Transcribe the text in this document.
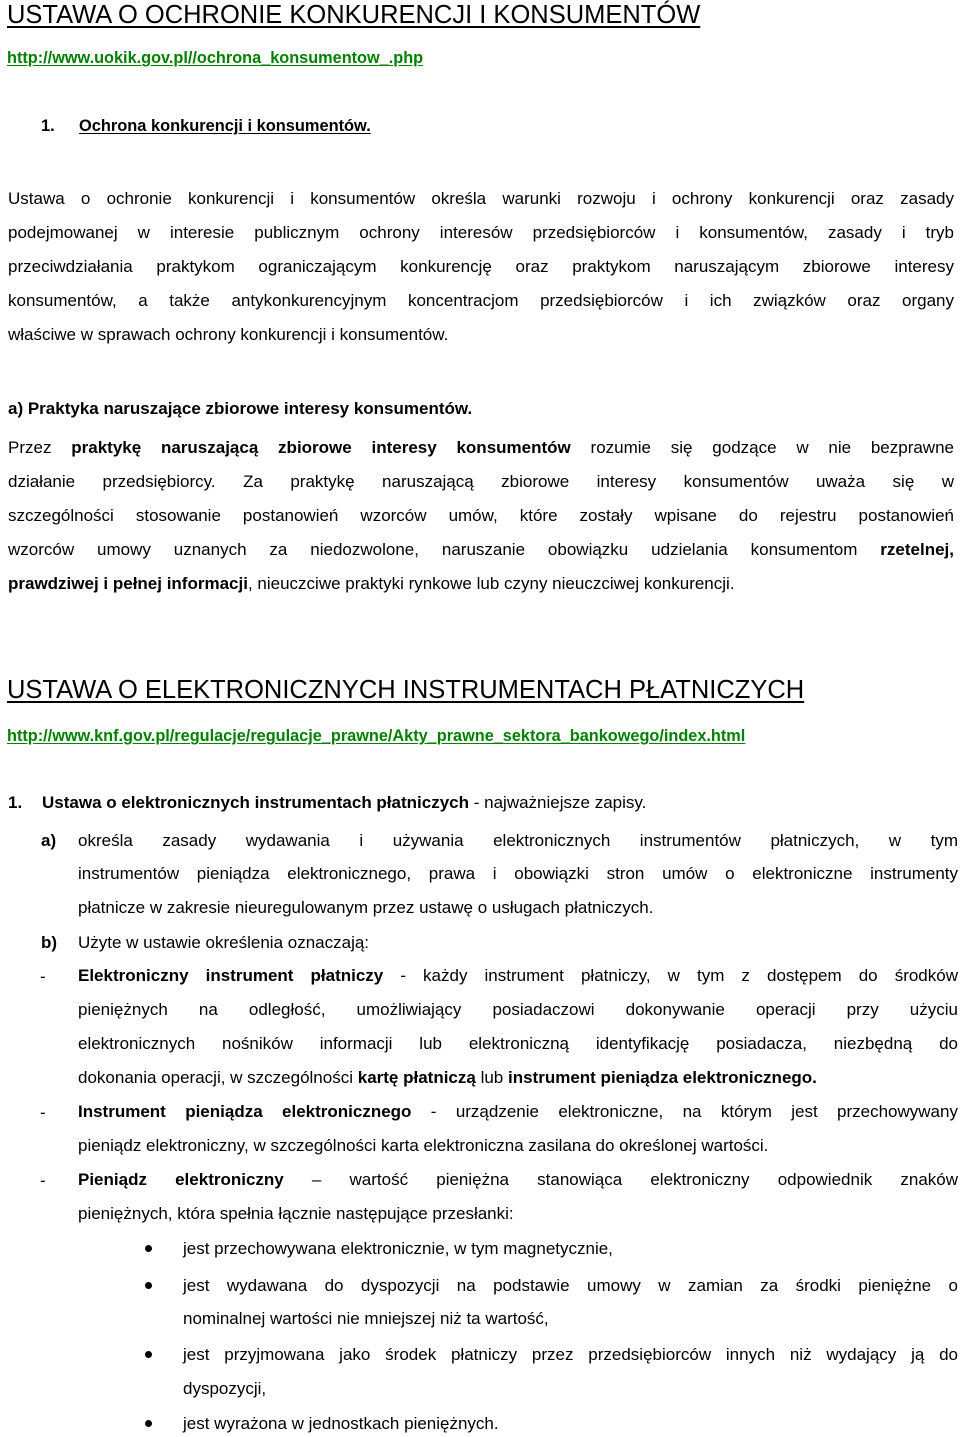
USTAWA O OCHRONIE KONKURENCJI I KONSUMENTÓW
http://www.uokik.gov.pl//ochrona_konsumentow_.php
1. Ochrona konkurencji i konsumentów.
Ustawa o ochronie konkurencji i konsumentów określa warunki rozwoju i ochrony konkurencji oraz zasady
podejmowanej w interesie publicznym ochrony interesów przedsiębiorców i konsumentów, zasady i tryb
przeciwdziałania praktykom ograniczającym konkurencję oraz praktykom naruszającym zbiorowe interesy
konsumentów, a także antykonkurencyjnym koncentracjom przedsiębiorców i ich związków oraz organy
właściwe w sprawach ochrony konkurencji i konsumentów.
a) Praktyka naruszające zbiorowe interesy konsumentów.
Przez praktykę naruszającą zbiorowe interesy konsumentów rozumie się godzące w nie bezprawne
działanie przedsiębiorcy. Za praktykę naruszającą zbiorowe interesy konsumentów uważa się w
szczególności stosowanie postanowień wzorców umów, które zostały wpisane do rejestru postanowień
wzorców umowy uznanych za niedozwolone, naruszanie obowiązku udzielania konsumentom rzetelnej,
prawdziwej i pełnej informacji, nieuczciwe praktyki rynkowe lub czyny nieuczciwej konkurencji.
USTAWA O ELEKTRONICZNYCH INSTRUMENTACH PŁATNICZYCH
http://www.knf.gov.pl/regulacje/regulacje_prawne/Akty_prawne_sektora_bankowego/index.html
1. Ustawa o elektronicznych instrumentach płatniczych - najważniejsze zapisy.
a) określa zasady wydawania i używania elektronicznych instrumentów płatniczych, w tym
instrumentów pieniądza elektronicznego, prawa i obowiązki stron umów o elektroniczne instrumenty
płatnicze w zakresie nieuregulowanym przez ustawę o usługach płatniczych.
b) Użyte w ustawie określenia oznaczają:
- Elektroniczny instrument płatniczy - każdy instrument płatniczy, w tym z dostępem do środków
pieniężnych na odległość, umożliwiający posiadaczowi dokonywanie operacji przy użyciu
elektronicznych nośników informacji lub elektroniczną identyfikację posiadacza, niezbędną do
dokonania operacji, w szczególności kartę płatniczą lub instrument pieniądza elektronicznego.
- Instrument pieniądza elektronicznego - urządzenie elektroniczne, na którym jest przechowywany
pieniądz elektroniczny, w szczególności karta elektroniczna zasilana do określonej wartości.
- Pieniądz elektroniczny – wartość pieniężna stanowiąca elektroniczny odpowiednik znaków
pieniężnych, która spełnia łącznie następujące przesłanki:
jest przechowywana elektronicznie, w tym magnetycznie,
jest wydawana do dyspozycji na podstawie umowy w zamian za środki pieniężne o
nominalnej wartości nie mniejszej niż ta wartość,
jest przyjmowana jako środek płatniczy przez przedsiębiorców innych niż wydający ją do
dyspozycji,
jest wyrażona w jednostkach pieniężnych.
